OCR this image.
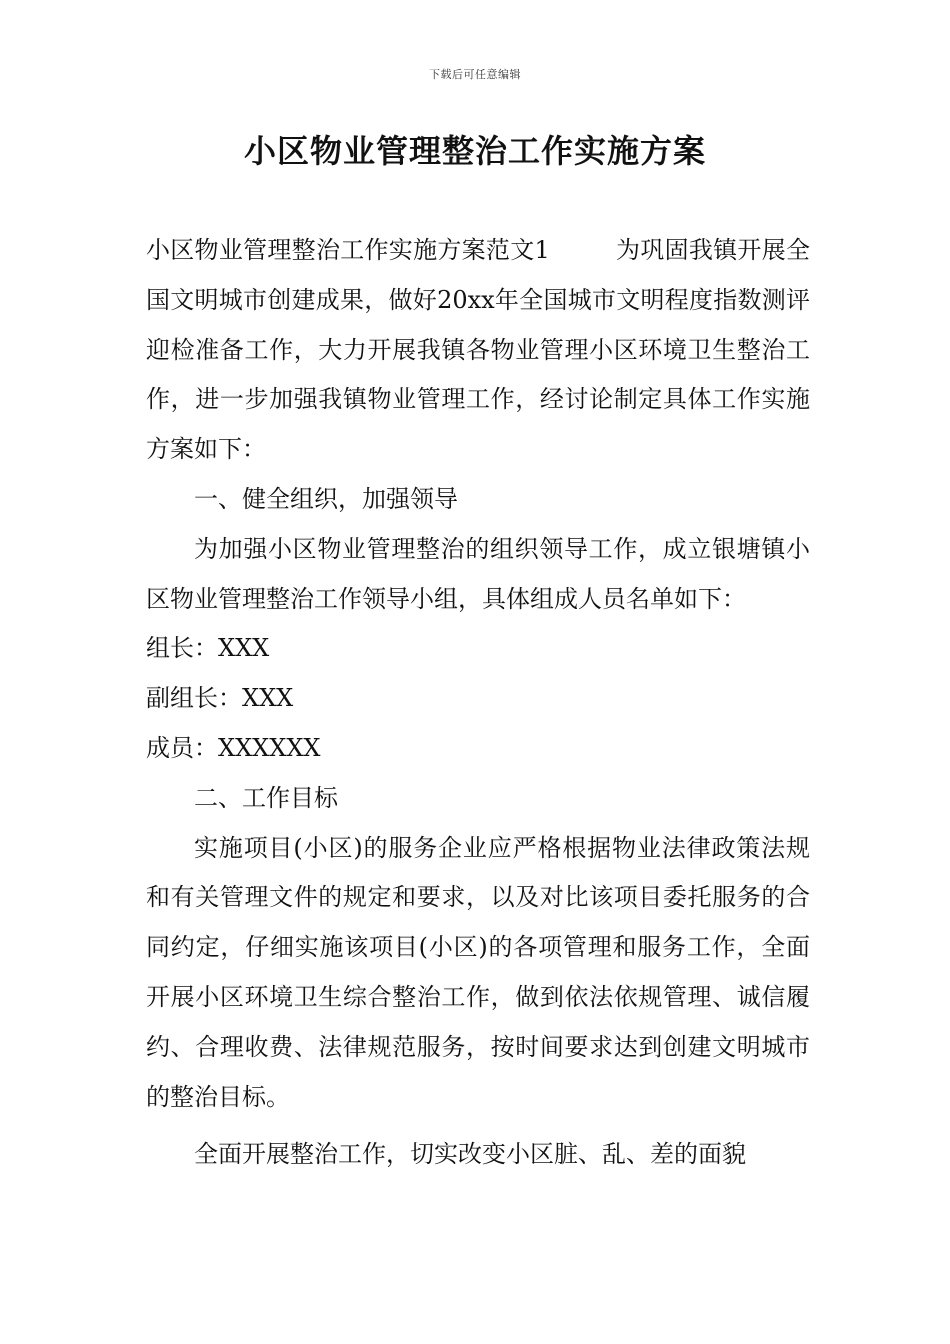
下载后可任意编辑
小区物业管理整治工作实施方案

小区物业管理整治工作实施方案范文1	为巩固我镇开展全国文明城市创建成果，做好20xx年全国城市文明程度指数测评迎检准备工作，大力开展我镇各物业管理小区环境卫生整治工作，进一步加强我镇物业管理工作，经讨论制定具体工作实施方案如下：

一、健全组织，加强领导

为加强小区物业管理整治的组织领导工作，成立银塘镇小区物业管理整治工作领导小组，具体组成人员名单如下：

组长：XXX

副组长：XXX

成员：XXXXXX

二、工作目标

实施项目(小区)的服务企业应严格根据物业法律政策法规和有关管理文件的规定和要求，以及对比该项目委托服务的合同约定，仔细实施该项目(小区)的各项管理和服务工作，全面开展小区环境卫生综合整治工作，做到依法依规管理、诚信履约、合理收费、法律规范服务，按时间要求达到创建文明城市的整治目标。

全面开展整治工作，切实改变小区脏、乱、差的面貌
